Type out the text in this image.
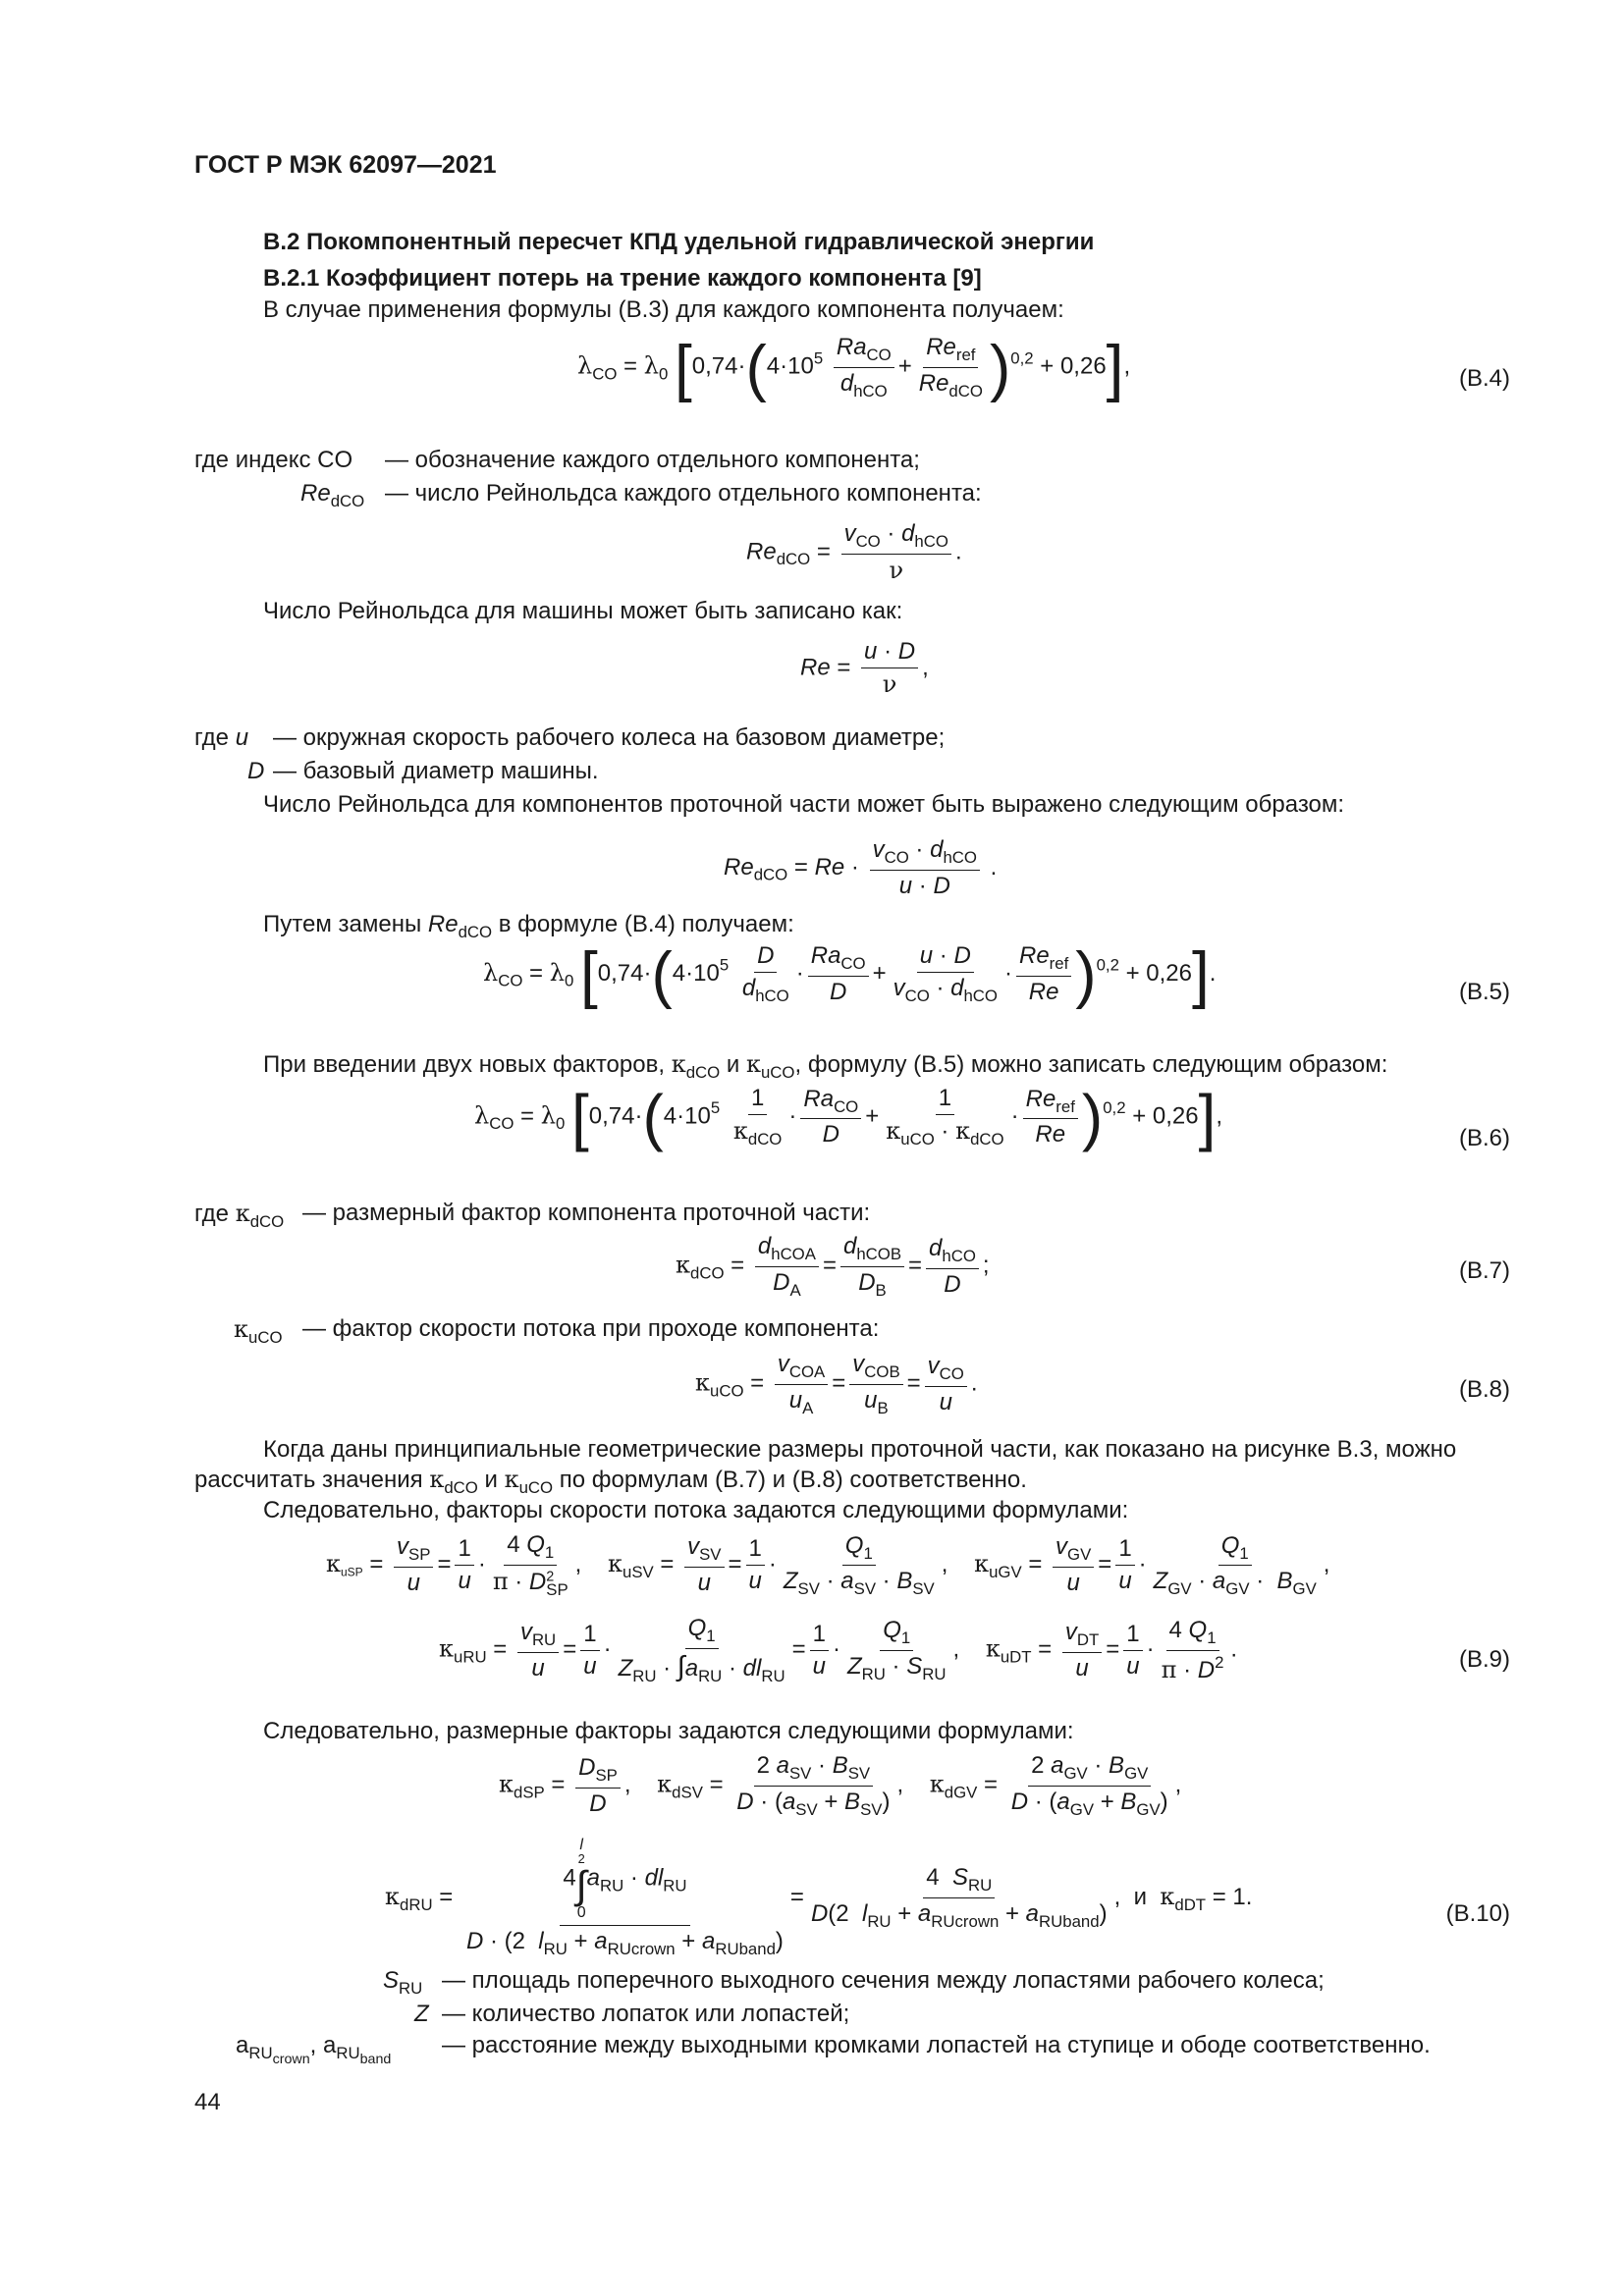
ГОСТ Р МЭК 62097—2021
В.2 Покомпонентный пересчет КПД удельной гидравлической энергии
В.2.1 Коэффициент потерь на трение каждого компонента [9]
В случае применения формулы (В.3) для каждого компонента получаем:
$\lambda_{CO} = \lambda_0$ $[0,74\cdot(4\cdot 10^5 \frac{Ra_{CO}}{d_{hCO}} + \frac{Re_{ref}}{Re_{dCO}} )^{0,2} + 0,26]$,	(В.4)
где индекс CO — обозначение каждого отдельного компонента;
$Re_{dCO}$ — число Рейнольдса каждого отдельного компонента:
$Re_{dCO} = \frac{v_{CO} \cdot d_{hCO}}{\nu}$ .
Число Рейнольдса для машины может быть записано как:
$Re = \frac{u \cdot D}{\nu}$ ,
где u — окружная скорость рабочего колеса на базовом диаметре;
D — базовый диаметр машины.
Число Рейнольдса для компонентов проточной части может быть выражено следующим образом:
$Re_{dCO} = Re \cdot \frac{v_{CO} \cdot d_{hCO}}{u \cdot D}$ .
Путем замены $Re_{dCO}$ в формуле (В.4) получаем:
$\lambda_{CO} = \lambda_0$ $[0,74\cdot(4\cdot 10^5 \frac{D}{d_{hCO}} \cdot \frac{Ra_{CO}}{D} + \frac{u \cdot D}{v_{CO} \cdot d_{hCO}} \cdot \frac{Re_{ref}}{Re} )^{0,2} + 0,26]$.
(В.5)
При введении двух новых факторов, $\kappa_{dCO}$ и $\kappa_{uCO}$, формулу (В.5) можно записать следующим образом:
$\lambda_{CO} = \lambda_0$ $[0,74\cdot(4\cdot 10^5 \frac{1}{\kappa_{dCO}} \cdot \frac{Ra_{CO}}{D} + \frac{1}{\kappa_{uCO} \cdot \kappa_{dCO}} \cdot \frac{Re_{ref}}{Re} )^{0,2} + 0,26]$,
(В.6)
где $\kappa_{dCO}$ — размерный фактор компонента проточной части:
$\kappa_{dCO} = \frac{d_{hCOA}}{D_A} = \frac{d_{hCOB}}{D_B} = \frac{d_{hCO}}{D}$ ;	(В.7)
$\kappa_{uCO}$ — фактор скорости потока при проходе компонента:
$\kappa_{uCO} = \frac{v_{COA}}{u_A} = \frac{v_{COB}}{u_B} = \frac{v_{CO}}{u}$ .	(В.8)
Когда даны принципиальные геометрические размеры проточной части, как показано на рисунке В.3, можно
рассчитать значения $\kappa_{dCO}$ и $\kappa_{uCO}$ по формулам (В.7) и (В.8) соответственно.
Следовательно, факторы скорости потока задаются следующими формулами:
$\kappa_{uSP} = \frac{v_{SP}}{u} = \frac{1}{u} \cdot \frac{4 Q_1}{\pi \cdot D^2_{SP}}$ ,    $\kappa_{uSV} = \frac{v_{SV}}{u} = \frac{1}{u} \cdot \frac{Q_1}{Z_{SV} \cdot a_{SV} \cdot B_{SV}}$ ,    $\kappa_{uGV} = \frac{v_{GV}}{u} = \frac{1}{u} \cdot \frac{Q_1}{Z_{GV} \cdot a_{GV} \cdot B_{GV}}$ ,
$\kappa_{uRU} = \frac{v_{RU}}{u} = \frac{1}{u} \cdot \frac{Q_1}{Z_{RU} \cdot \int a_{RU} \cdot dl_{RU}} = \frac{1}{u} \cdot \frac{Q_1}{Z_{RU} \cdot S_{RU}}$ ,    $\kappa_{uDT} = \frac{v_{DT}}{u} = \frac{1}{u} \cdot \frac{4 Q_1}{\pi \cdot D^2}$ .	(В.9)
Следовательно, размерные факторы задаются следующими формулами:
$\kappa_{dSP} = \frac{D_{SP}}{D}$ ,    $\kappa_{dSV} = \frac{2 a_{SV} \cdot B_{SV}}{D \cdot (a_{SV} + B_{SV})}$ ,    $\kappa_{dGV} = \frac{2 a_{GV} \cdot B_{GV}}{D \cdot (a_{GV} + B_{GV})}$ ,
$\kappa_{dRU} = 4$
l
2
∫
$0a_{RU} \cdot dl_{RU}$
D · (2  $l_{RU} + a_{RUcrown} + a_{RUband}) = \frac{4 S_{RU}}{D(2 l_{RU} + a_{RUcrown} + a_{RUband})}$ ,  и $\kappa_{dDT} = 1$.
(В.10)
$S_{RU}$ — площадь поперечного выходного сечения между лопастями рабочего колеса;
Z — количество лопаток или лопастей;
$a_{RU_{crown}}$, $a_{RU_{band}}$
— расстояние между выходными кромками лопастей на ступице и ободе соответственно.
44
